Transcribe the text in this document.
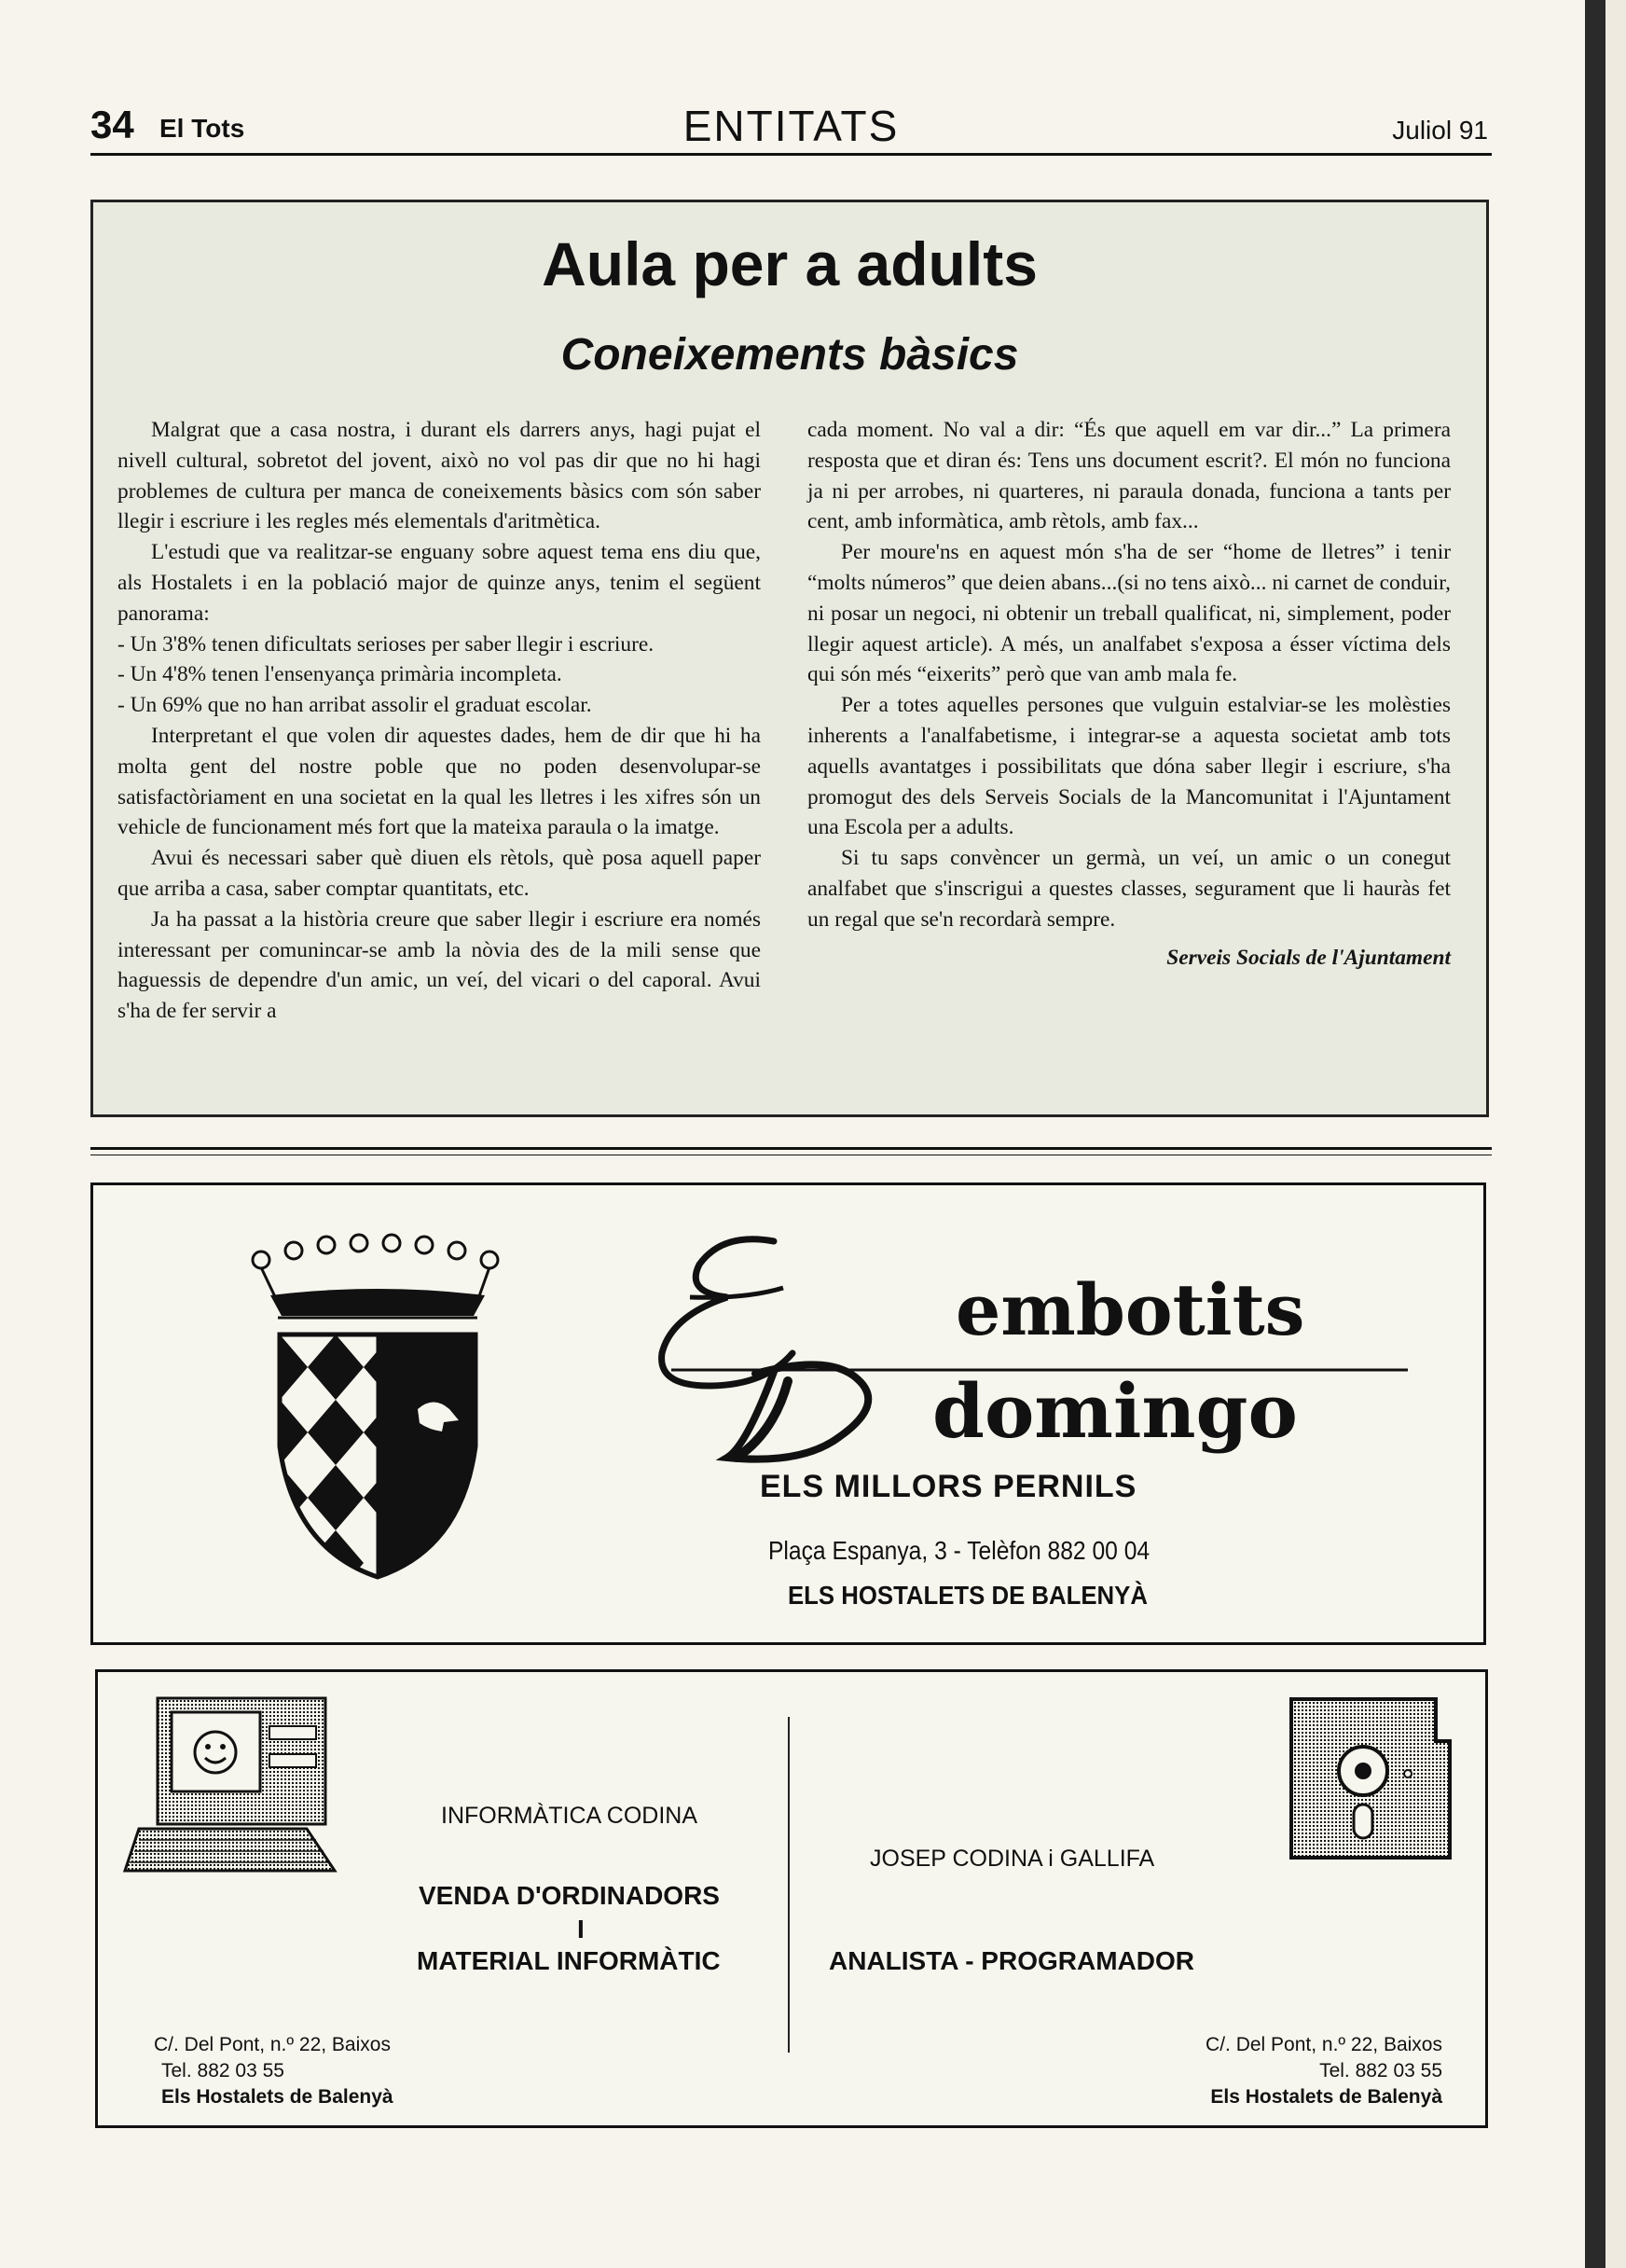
34 El Tots	ENTITATS	Juliol 91
Aula per a adults
Coneixements bàsics

Malgrat que a casa nostra, i durant els darrers anys, hagi pujat el nivell cultural, sobretot del jovent, això no vol pas dir que no hi hagi problemes de cultura per manca de coneixements bàsics com són saber llegir i escriure i les regles més elementals d'aritmètica.

L'estudi que va realitzar-se enguany sobre aquest tema ens diu que, als Hostalets i en la població major de quinze anys, tenim el següent panorama:

- Un 3'8% tenen dificultats serioses per saber llegir i escriure.

- Un 4'8% tenen l'ensenyança primària incompleta.

- Un 69% que no han arribat assolir el graduat escolar.

Interpretant el que volen dir aquestes dades, hem de dir que hi ha molta gent del nostre poble que no poden desenvolupar-se satisfactòriament en una societat en la qual les lletres i les xifres són un vehicle de funcionament més fort que la mateixa paraula o la imatge.

Avui és necessari saber què diuen els rètols, què posa aquell paper que arriba a casa, saber comptar quantitats, etc.

Ja ha passat a la història creure que saber llegir i escriure era només interessant per comunincar-se amb la nòvia des de la mili sense que haguessis de dependre d'un amic, un veí, del vicari o del caporal. Avui s'ha de fer servir a

cada moment. No val a dir: “És que aquell em var dir...” La primera resposta que et diran és: Tens uns document escrit?. El món no funciona ja ni per arrobes, ni quarteres, ni paraula donada, funciona a tants per cent, amb informàtica, amb rètols, amb fax...

Per moure'ns en aquest món s'ha de ser “home de lletres” i tenir “molts números” que deien abans...(si no tens això... ni carnet de conduir, ni posar un negoci, ni obtenir un treball qualificat, ni, simplement, poder llegir aquest article). A més, un analfabet s'exposa a ésser víctima dels qui són més “eixerits” però que van amb mala fe.

Per a totes aquelles persones que vulguin estalviar-se les molèsties inherents a l'analfabetisme, i integrar-se a aquesta societat amb tots aquells avantatges i possibilitats que dóna saber llegir i escriure, s'ha promogut des dels Serveis Socials de la Mancomunitat i l'Ajuntament una Escola per a adults.

Si tu saps convèncer un germà, un veí, un amic o un conegut analfabet que s'inscrigui a questes classes, segurament que li hauràs fet un regal que se'n recordarà sempre.

Serveis Socials de l'Ajuntament

embotits
domingo
ELS MILLORS PERNILS
Plaça Espanya, 3 - Telèfon 882 00 04
ELS HOSTALETS DE BALENYÀ
INFORMÀTICA CODINA
VENDA D'ORDINADORS
I
MATERIAL INFORMÀTIC
C/. Del Pont, n.º 22, Baixos
Tel. 882 03 55
Els Hostalets de Balenyà
JOSEP CODINA i GALLIFA
ANALISTA - PROGRAMADOR
C/. Del Pont, n.º 22, Baixos
Tel. 882 03 55
Els Hostalets de Balenyà
